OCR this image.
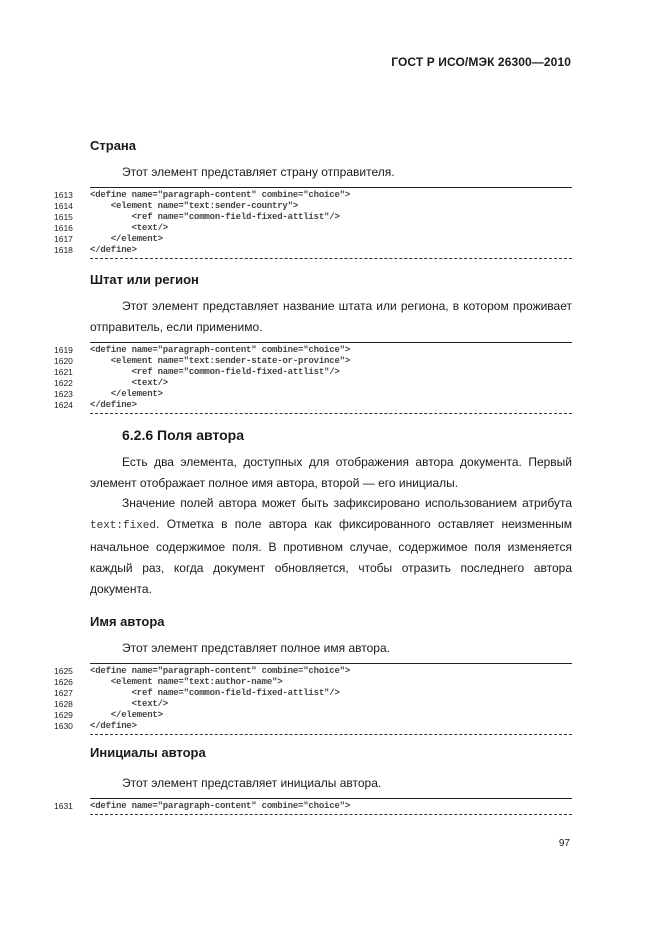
ГОСТ Р ИСО/МЭК 26300—2010
Страна
Этот элемент представляет страну отправителя.
1613	<define name="paragraph-content" combine="choice">
1614	<element name="text:sender-country">
1615	<ref name="common-field-fixed-attlist"/>
1616	<text/>
1617	</element>
1618	</define>
Штат или регион
Этот элемент представляет название штата или региона, в котором проживает отправитель, если применимо.
1619	<define name="paragraph-content" combine="choice">
1620	<element name="text:sender-state-or-province">
1621	<ref name="common-field-fixed-attlist"/>
1622	<text/>
1623	</element>
1624	</define>
6.2.6 Поля автора
Есть два элемента, доступных для отображения автора документа. Первый элемент отображает полное имя автора, второй — его инициалы.
Значение полей автора может быть зафиксировано использованием атрибута text:fixed. Отметка в поле автора как фиксированного оставляет неизменным начальное содержимое поля. В противном случае, содержимое поля изменяется каждый раз, когда документ обновляется, чтобы отразить последнего автора документа.
Имя автора
Этот элемент представляет полное имя автора.
1625	<define name="paragraph-content" combine="choice">
1626	<element name="text:author-name">
1627	<ref name="common-field-fixed-attlist"/>
1628	<text/>
1629	</element>
1630	</define>
Инициалы автора
Этот элемент представляет инициалы автора.
1631	<define name="paragraph-content" combine="choice">
97
